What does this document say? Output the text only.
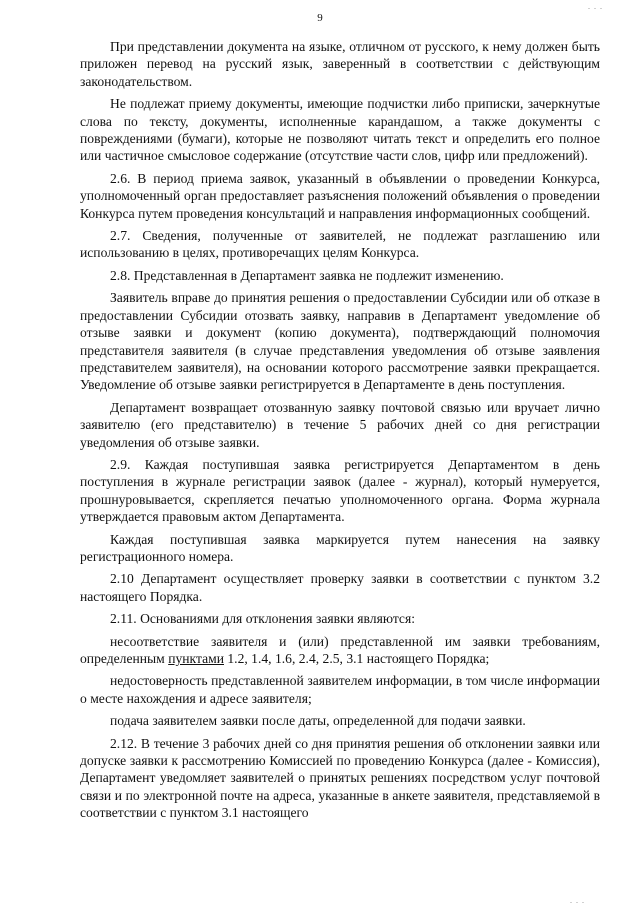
9

При представлении документа на языке, отличном от русского, к нему должен быть приложен перевод на русский язык, заверенный в соответствии с действующим законодательством.

Не подлежат приему документы, имеющие подчистки либо приписки, зачеркнутые слова по тексту, документы, исполненные карандашом, а также документы с повреждениями (бумаги), которые не позволяют читать текст и определить его полное или частичное смысловое содержание (отсутствие части слов, цифр или предложений).

2.6. В период приема заявок, указанный в объявлении о проведении Конкурса, уполномоченный орган предоставляет разъяснения положений объявления о проведении Конкурса путем проведения консультаций и направления информационных сообщений.

2.7. Сведения, полученные от заявителей, не подлежат разглашению или использованию в целях, противоречащих целям Конкурса.

2.8. Представленная в Департамент заявка не подлежит изменению.

Заявитель вправе до принятия решения о предоставлении Субсидии или об отказе в предоставлении Субсидии отозвать заявку, направив в Департамент уведомление об отзыве заявки и документ (копию документа), подтверждающий полномочия представителя заявителя (в случае представления уведомления об отзыве заявления представителем заявителя), на основании которого рассмотрение заявки прекращается. Уведомление об отзыве заявки регистрируется в Департаменте в день поступления.

Департамент возвращает отозванную заявку почтовой связью или вручает лично заявителю (его представителю) в течение 5 рабочих дней со дня регистрации уведомления об отзыве заявки.

2.9. Каждая поступившая заявка регистрируется Департаментом в день поступления в журнале регистрации заявок (далее - журнал), который нумеруется, прошнуровывается, скрепляется печатью уполномоченного органа. Форма журнала утверждается правовым актом Департамента.

Каждая поступившая заявка маркируется путем нанесения на заявку регистрационного номера.

2.10 Департамент осуществляет проверку заявки в соответствии с пунктом 3.2 настоящего Порядка.

2.11. Основаниями для отклонения заявки являются:

несоответствие заявителя и (или) представленной им заявки требованиям, определенным пунктами 1.2, 1.4, 1.6, 2.4, 2.5, 3.1 настоящего Порядка;

недостоверность представленной заявителем информации, в том числе информации о месте нахождения и адресе заявителя;

подача заявителем заявки после даты, определенной для подачи заявки.

2.12. В течение 3 рабочих дней со дня принятия решения об отклонении заявки или допуске заявки к рассмотрению Комиссией по проведению Конкурса (далее - Комиссия), Департамент уведомляет заявителей о принятых решениях посредством услуг почтовой связи и по электронной почте на адреса, указанные в анкете заявителя, представляемой в соответствии с пунктом 3.1 настоящего

. . .
. . .
